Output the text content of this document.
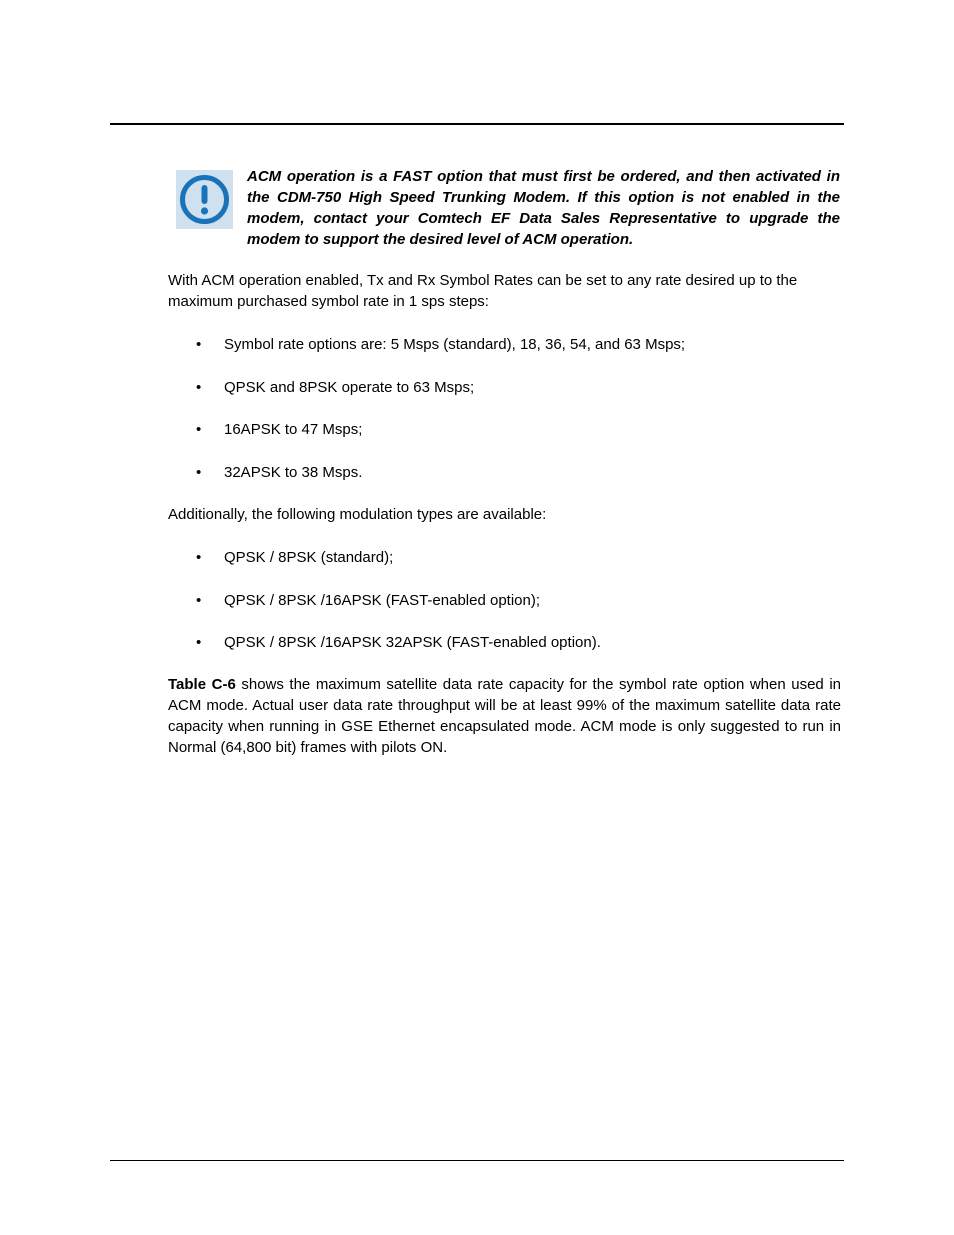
ACM operation is a FAST option that must first be ordered, and then activated in the CDM-750 High Speed Trunking Modem. If this option is not enabled in the modem, contact your Comtech EF Data Sales Representative to upgrade the modem to support the desired level of ACM operation.

With ACM operation enabled, Tx and Rx Symbol Rates can be set to any rate desired up to the maximum purchased symbol rate in 1 sps steps:

• Symbol rate options are: 5 Msps (standard), 18, 36, 54, and 63 Msps;
• QPSK and 8PSK operate to 63 Msps;
• 16APSK to 47 Msps;
• 32APSK to 38 Msps.

Additionally, the following modulation types are available:

• QPSK / 8PSK (standard);
• QPSK / 8PSK /16APSK (FAST-enabled option);
• QPSK / 8PSK /16APSK 32APSK (FAST-enabled option).

Table C-6 shows the maximum satellite data rate capacity for the symbol rate option when used in ACM mode. Actual user data rate throughput will be at least 99% of the maximum satellite data rate capacity when running in GSE Ethernet encapsulated mode. ACM mode is only suggested to run in Normal (64,800 bit) frames with pilots ON.
